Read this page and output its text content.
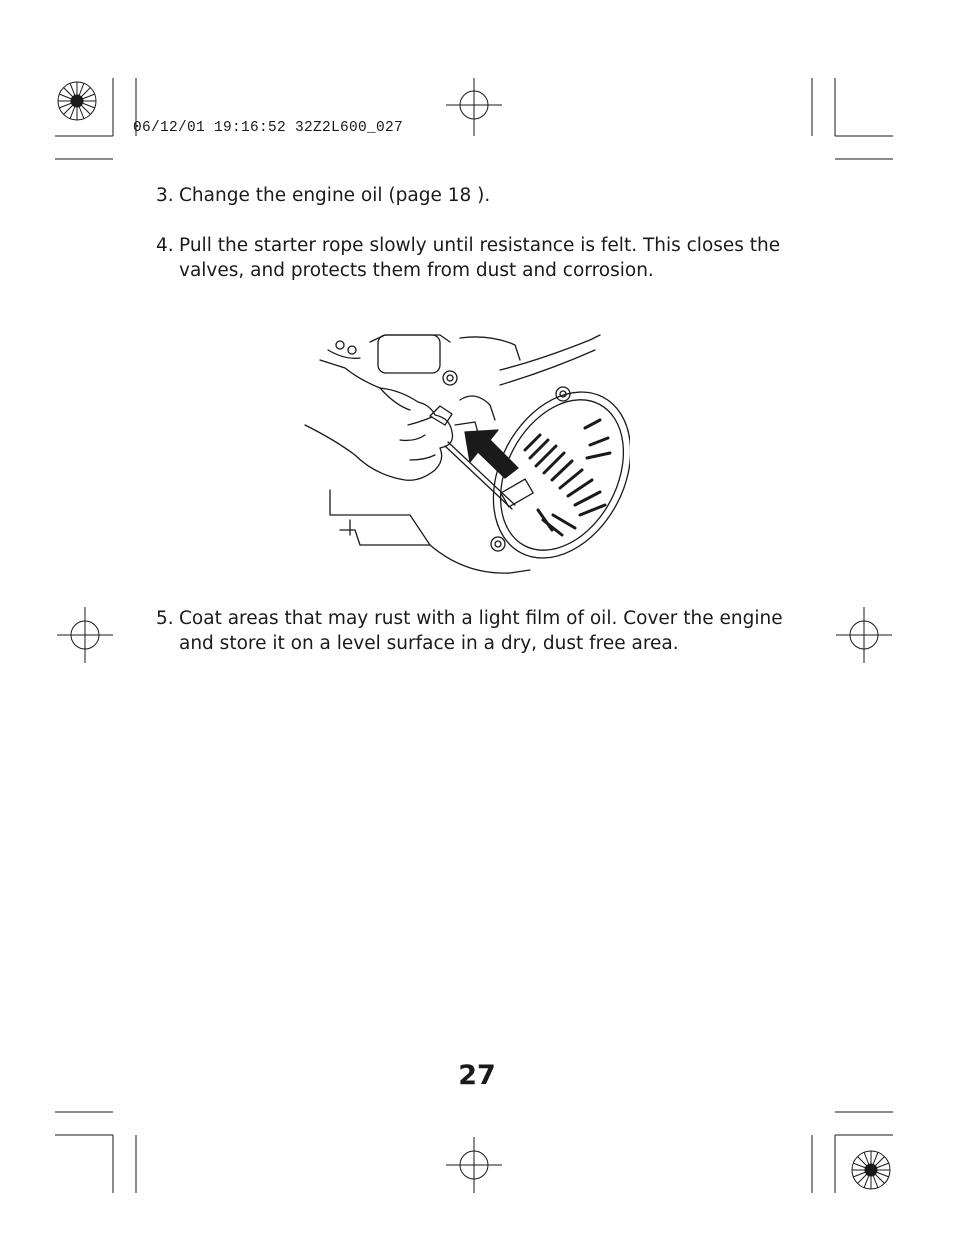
06/12/01 19:16:52 32Z2L600_027
3. Change the engine oil (page 18 ).
4. Pull the starter rope slowly until resistance is felt. This closes the valves, and protects them from dust and corrosion.
5. Coat areas that may rust with a light film of oil. Cover the engine and store it on a level surface in a dry, dust free area.
27
